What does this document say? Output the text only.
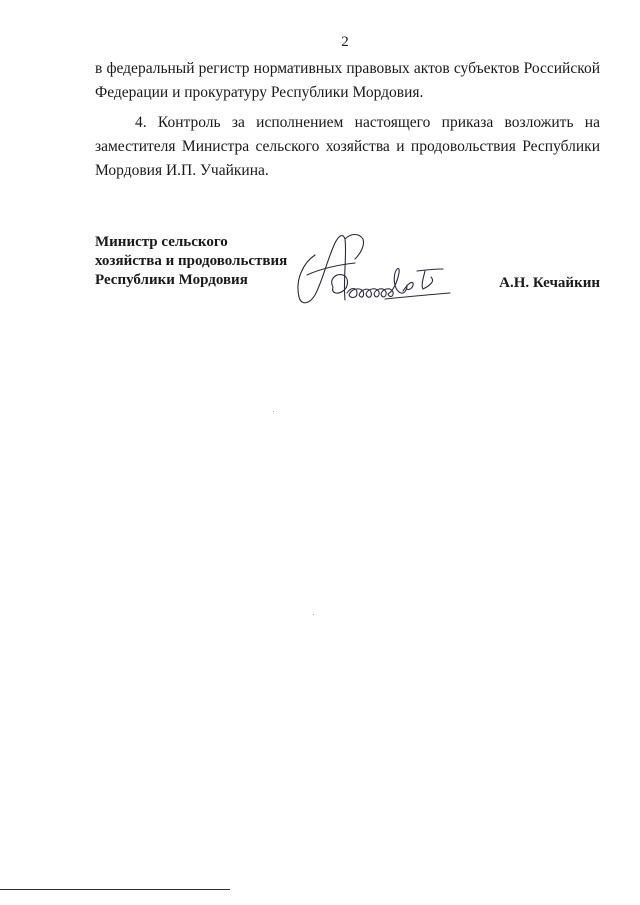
2

в федеральный регистр нормативных правовых актов субъектов Российской
Федерации и прокуратуру Республики Мордовия.

4. Контроль за исполнением настоящего приказа возложить на
заместителя Министра сельского хозяйства и продовольствия Республики
Мордовия И.П. Учайкина.

Министр сельского
хозяйства и продовольствия
Республики Мордовия	А.Н. Кечайкин
